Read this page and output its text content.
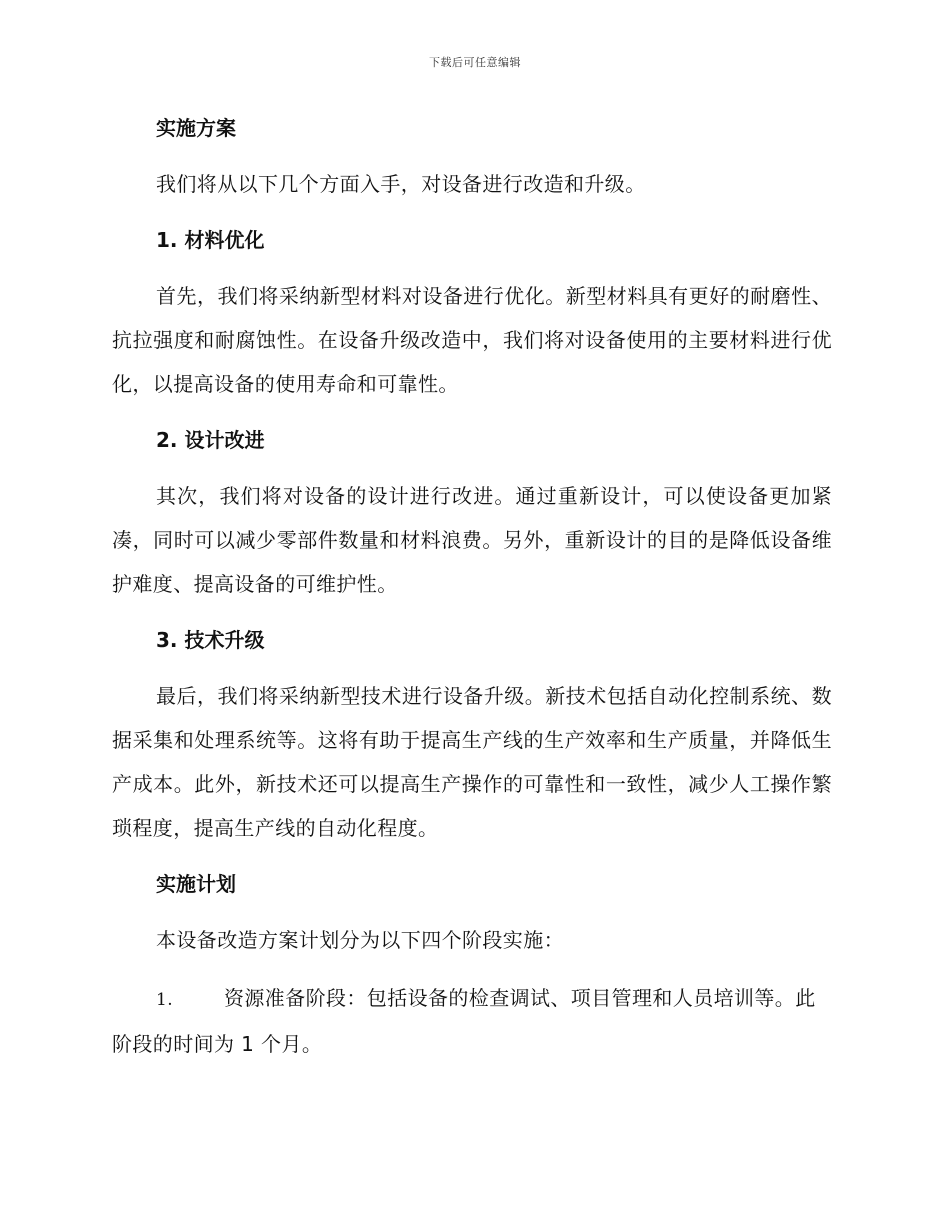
下载后可任意编辑
实施方案

我们将从以下几个方面入手，对设备进行改造和升级。

1. 材料优化

首先，我们将采纳新型材料对设备进行优化。新型材料具有更好的耐磨性、抗拉强度和耐腐蚀性。在设备升级改造中，我们将对设备使用的主要材料进行优化，以提高设备的使用寿命和可靠性。

2. 设计改进

其次，我们将对设备的设计进行改进。通过重新设计，可以使设备更加紧凑，同时可以减少零部件数量和材料浪费。另外，重新设计的目的是降低设备维护难度、提高设备的可维护性。

3. 技术升级

最后，我们将采纳新型技术进行设备升级。新技术包括自动化控制系统、数据采集和处理系统等。这将有助于提高生产线的生产效率和生产质量，并降低生产成本。此外，新技术还可以提高生产操作的可靠性和一致性，减少人工操作繁琐程度，提高生产线的自动化程度。

实施计划

本设备改造方案计划分为以下四个阶段实施：

1.	资源准备阶段：包括设备的检查调试、项目管理和人员培训等。此阶段的时间为 1 个月。
